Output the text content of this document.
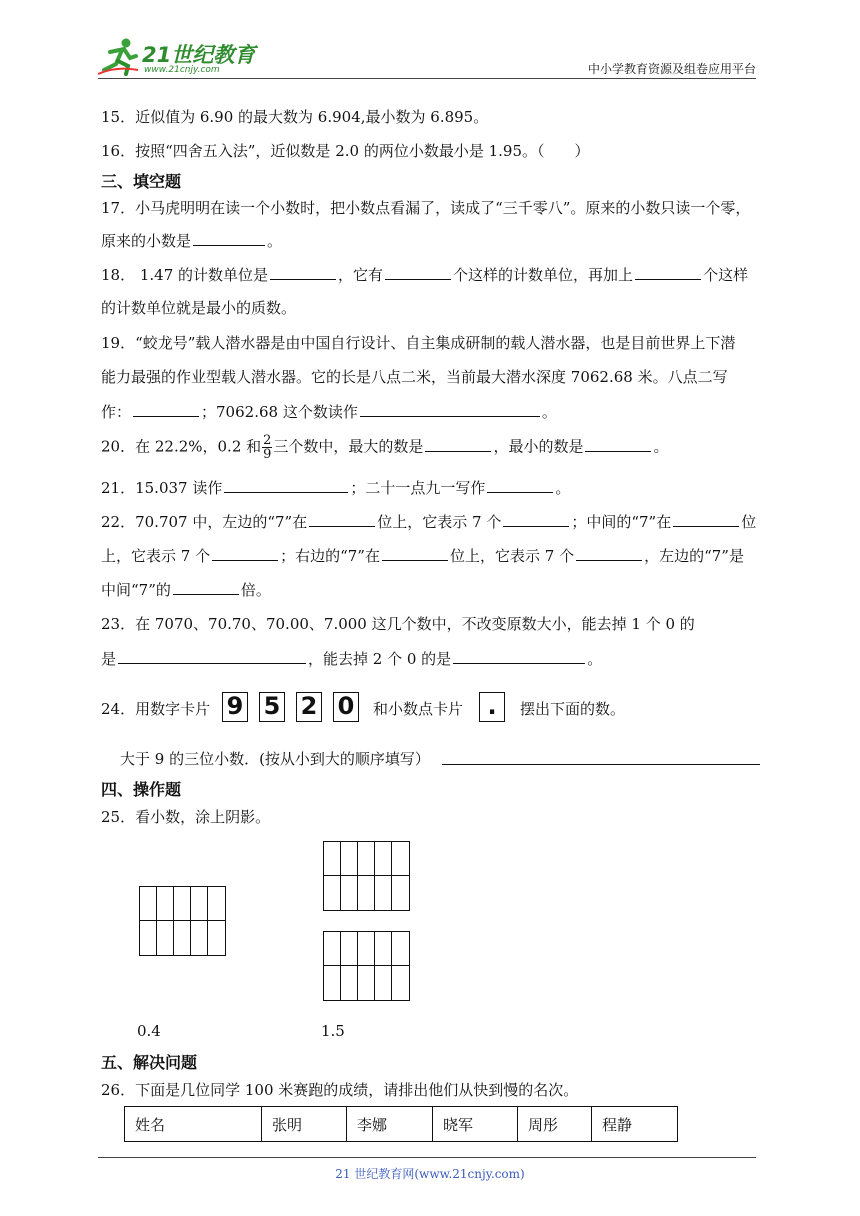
21世纪教育
www.21cnjy.com	中小学教育资源及组卷应用平台
15．近似值为 6.90 的最大数为 6.904,最小数为 6.895。
16．按照“四舍五入法”，近似数是 2.0 的两位小数最小是 1.95。（　　）
三、填空题
17．小马虎明明在读一个小数时，把小数点看漏了，读成了“三千零八”。原来的小数只读一个零，
原来的小数是	。
18． 1.47 的计数单位是	，它有	个这样的计数单位，再加上	个这样
的计数单位就是最小的质数。
19．“蛟龙号”载人潜水器是由中国自行设计、自主集成研制的载人潜水器，也是目前世界上下潜
能力最强的作业型载人潜水器。它的长是八点二米，当前最大潜水深度 7062.68 米。八点二写
作：	；7062.68 这个数读作	。
20．在 22.2%，0.2 和 $\frac{2}{9}$ 三个数中，最大的数是	，最小的数是	。
21．15.037 读作	；二十一点九一写作	。
22．70.707 中，左边的“7”在	位上，它表示 7 个	；中间的“7”在	位
上，它表示 7 个	；右边的“7”在	位上，它表示 7 个	，左边的“7”是
中间“7”的	倍。
23．在 7070、70.70、70.00、7.000 这几个数中，不改变原数大小，能去掉 1 个 0 的
是	，能去掉 2 个 0 的是	。
24．用数字卡片 9 5 2 0	和小数点卡片	.	摆出下面的数。
大于 9 的三位小数．(按从小到大的顺序填写）
四、操作题
25．看小数，涂上阴影。
0.4	1.5
五、解决问题
26．下面是几位同学 100 米赛跑的成绩，请排出他们从快到慢的名次。
姓名	张明	李娜	晓军	周彤	程静
21 世纪教育网(www.21cnjy.com)
